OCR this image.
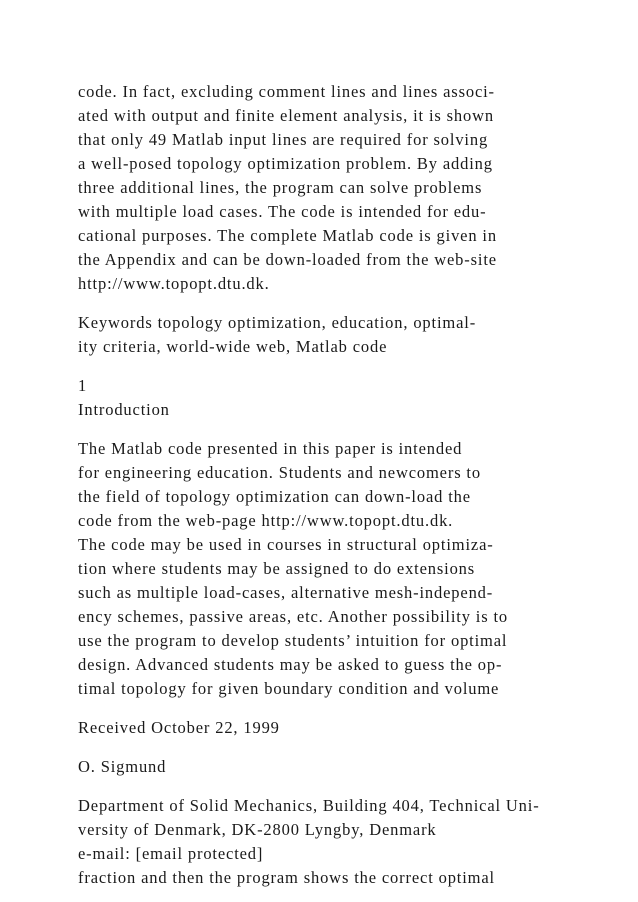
code. In fact, excluding comment lines and lines associ-

ated with output and finite element analysis, it is shown

that only 49 Matlab input lines are required for solving

a well-posed topology optimization problem. By adding

three additional lines, the program can solve problems

with multiple load cases. The code is intended for edu-

cational purposes. The complete Matlab code is given in

the Appendix and can be down-loaded from the web-site

http://www.topopt.dtu.dk.

Keywords topology optimization, education, optimal-

ity criteria, world-wide web, Matlab code

1

Introduction

The Matlab code presented in this paper is intended

for engineering education. Students and newcomers to

the field of topology optimization can down-load the

code from the web-page http://www.topopt.dtu.dk.

The code may be used in courses in structural optimiza-

tion where students may be assigned to do extensions

such as multiple load-cases, alternative mesh-independ-

ency schemes, passive areas, etc. Another possibility is to

use the program to develop students’ intuition for optimal

design. Advanced students may be asked to guess the op-

timal topology for given boundary condition and volume

Received October 22, 1999

O. Sigmund

Department of Solid Mechanics, Building 404, Technical Uni-

versity of Denmark, DK-2800 Lyngby, Denmark

e-mail: [email protected]

fraction and then the program shows the correct optimal
